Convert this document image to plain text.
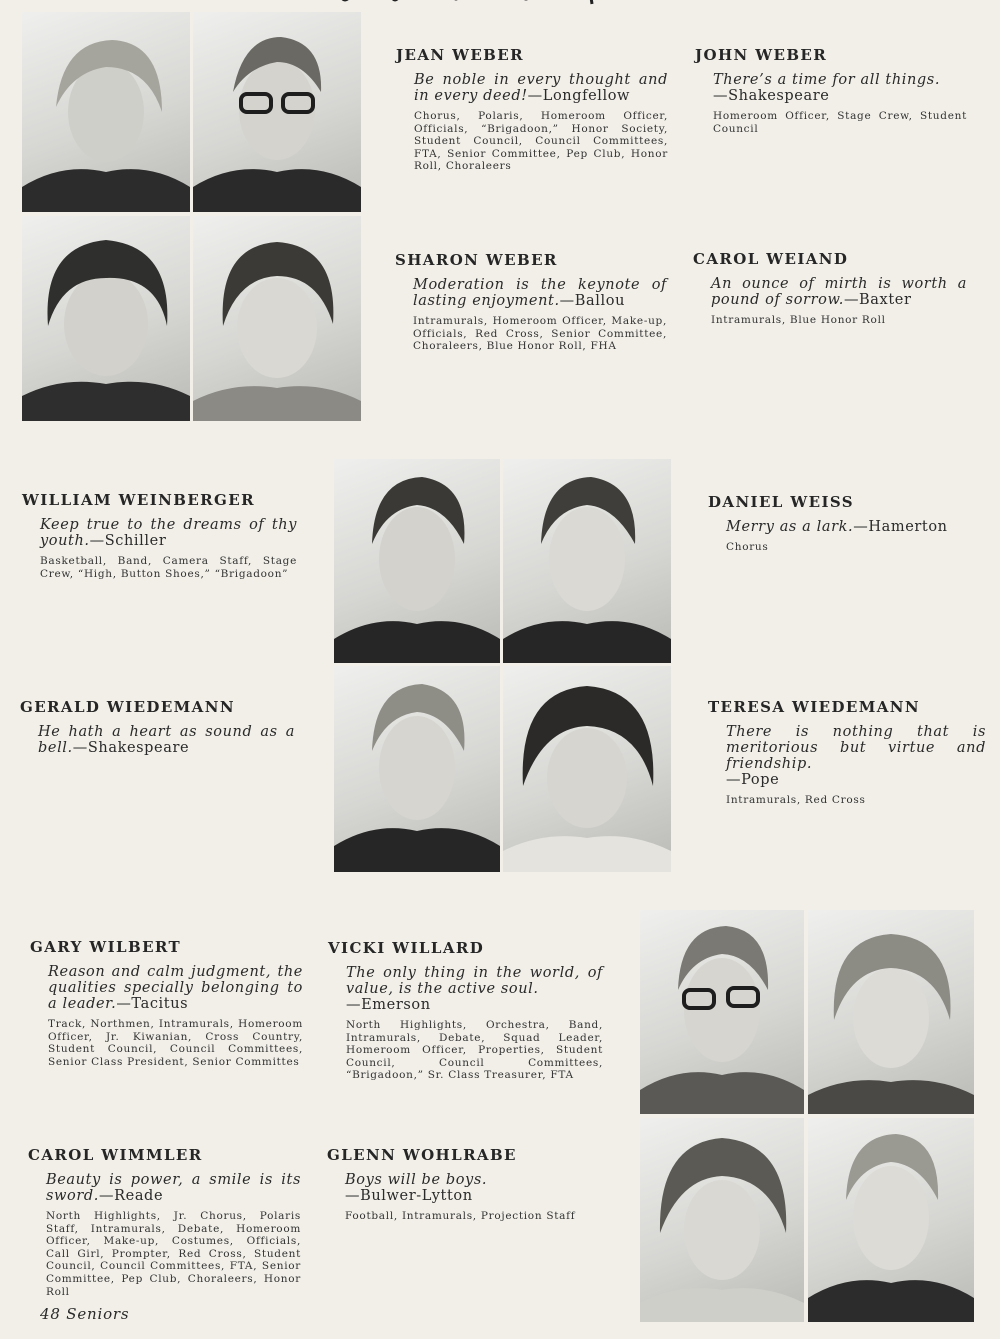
JEAN WEBER
Be noble in every thought and in every deed!—Longfellow
Chorus, Polaris, Homeroom Officer, Officials, “Brigadoon,” Honor Society, Student Council, Council Committees, FTA, Senior Committee, Pep Club, Honor Roll, Choraleers
JOHN WEBER
There’s a time for all things.
—Shakespeare
Homeroom Officer, Stage Crew, Student Council
SHARON WEBER
Moderation is the keynote of lasting enjoyment.—Ballou
Intramurals, Homeroom Officer, Make-up, Officials, Red Cross, Senior Committee, Choraleers, Blue Honor Roll, FHA
CAROL WEIAND
An ounce of mirth is worth a pound of sorrow.—Baxter
Intramurals, Blue Honor Roll
WILLIAM WEINBERGER
Keep true to the dreams of thy youth.—Schiller
Basketball, Band, Camera Staff, Stage Crew, “High, Button Shoes,” “Brigadoon”
DANIEL WEISS
Merry as a lark.—Hamerton
Chorus
GERALD WIEDEMANN
He hath a heart as sound as a bell.—Shakespeare
TERESA WIEDEMANN
There is nothing that is meritorious but virtue and friendship.
—Pope
Intramurals, Red Cross
GARY WILBERT
Reason and calm judgment, the qualities specially belonging to a leader.—Tacitus
Track, Northmen, Intramurals, Homeroom Officer, Jr. Kiwanian, Cross Country, Student Council, Council Committees, Senior Class President, Senior Committes
VICKI WILLARD
The only thing in the world, of value, is the active soul.
—Emerson
North Highlights, Orchestra, Band, Intramurals, Debate, Squad Leader, Homeroom Officer, Properties, Student Council, Council Committees, “Brigadoon,” Sr. Class Treasurer, FTA
CAROL WIMMLER
Beauty is power, a smile is its sword.—Reade
North Highlights, Jr. Chorus, Polaris Staff, Intramurals, Debate, Homeroom Officer, Make-up, Costumes, Officials, Call Girl, Prompter, Red Cross, Student Council, Council Committees, FTA, Senior Committee, Pep Club, Choraleers, Honor Roll
GLENN WOHLRABE
Boys will be boys.
—Bulwer-Lytton
Football, Intramurals, Projection Staff
48 Seniors
